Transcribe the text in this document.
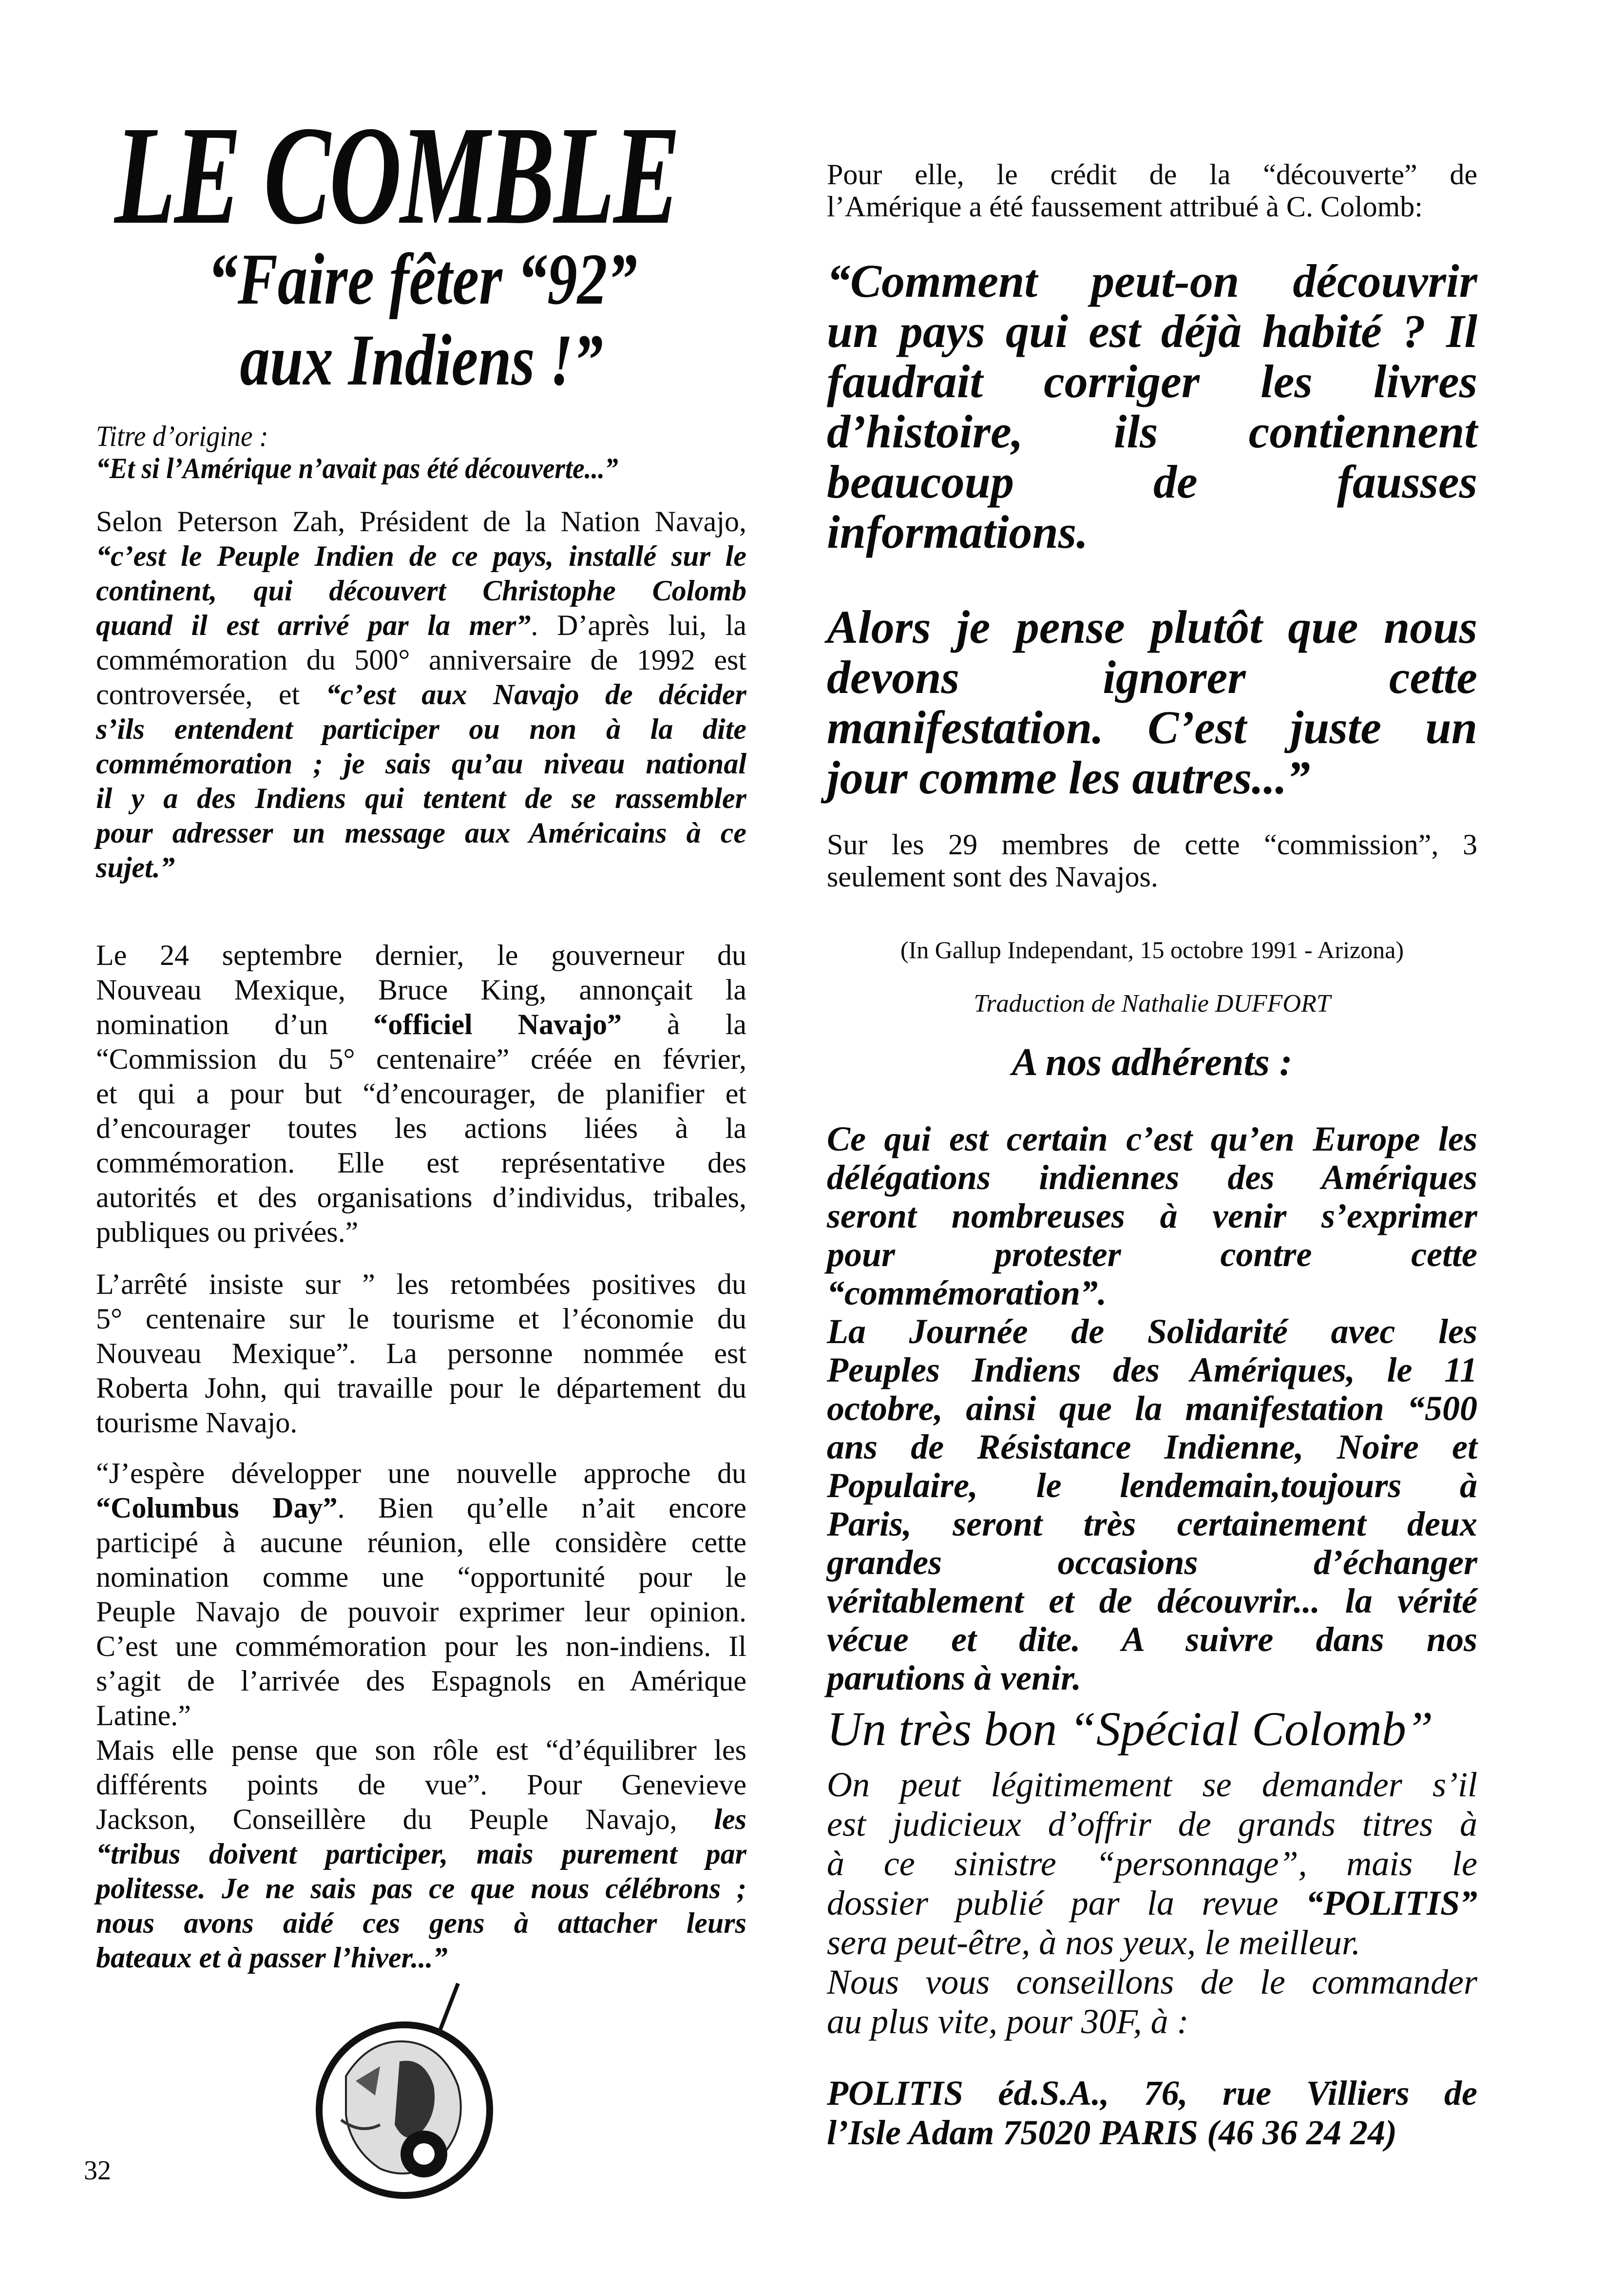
LE COMBLE
“Faire fêter “92”
aux Indiens !”
Titre d’origine :
“Et si l’Amérique n’avait pas été découverte...”
Selon Peterson Zah, Président de la Nation Navajo,
“c’est le Peuple Indien de ce pays, installé sur le
continent, qui découvert Christophe Colomb
quand il est arrivé par la mer”. D’après lui, la
commémoration du 500° anniversaire de 1992 est
controversée, et “c’est aux Navajo de décider
s’ils entendent participer ou non à la dite
commémoration ; je sais qu’au niveau national
il y a des Indiens qui tentent de se rassembler
pour adresser un message aux Américains à ce
sujet.”
Le 24 septembre dernier, le gouverneur du
Nouveau Mexique, Bruce King, annonçait la
nomination d’un “officiel Navajo” à la
“Commission du 5° centenaire” créée en février,
et qui a pour but “d’encourager, de planifier et
d’encourager toutes les actions liées à la
commémoration. Elle est représentative des
autorités et des organisations d’individus, tribales,
publiques ou privées.”
L’arrêté insiste sur ” les retombées positives du
5° centenaire sur le tourisme et l’économie du
Nouveau Mexique”. La personne nommée est
Roberta John, qui travaille pour le département du
tourisme Navajo.
“J’espère développer une nouvelle approche du
“Columbus Day”. Bien qu’elle n’ait encore
participé à aucune réunion, elle considère cette
nomination comme une “opportunité pour le
Peuple Navajo de pouvoir exprimer leur opinion.
C’est une commémoration pour les non-indiens. Il
s’agit de l’arrivée des Espagnols en Amérique
Latine.”
Mais elle pense que son rôle est “d’équilibrer les
différents points de vue”. Pour Genevieve
Jackson, Conseillère du Peuple Navajo, les
“tribus doivent participer, mais purement par
politesse. Je ne sais pas ce que nous célébrons ;
nous avons aidé ces gens à attacher leurs
bateaux et à passer l’hiver...”
32
Pour elle, le crédit de la “découverte” de
l’Amérique a été faussement attribué à C. Colomb:
“Comment peut-on découvrir
un pays qui est déjà habité ? Il
faudrait corriger les livres
d’histoire, ils contiennent
beaucoup de fausses
informations.
Alors je pense plutôt que nous
devons ignorer cette
manifestation. C’est juste un
jour comme les autres...”
Sur les 29 membres de cette “commission”, 3
seulement sont des Navajos.
(In Gallup Independant, 15 octobre 1991 - Arizona)
Traduction de Nathalie DUFFORT
A nos adhérents :
Ce qui est certain c’est qu’en Europe les
délégations indiennes des Amériques
seront nombreuses à venir s’exprimer
pour protester contre cette
“commémoration”.
La Journée de Solidarité avec les
Peuples Indiens des Amériques, le 11
octobre, ainsi que la manifestation “500
ans de Résistance Indienne, Noire et
Populaire, le lendemain,toujours à
Paris, seront très certainement deux
grandes occasions d’échanger
véritablement et de découvrir... la vérité
vécue et dite. A suivre dans nos
parutions à venir.
Un très bon “Spécial Colomb”
On peut légitimement se demander s’il
est judicieux d’offrir de grands titres à
à ce sinistre “personnage”, mais le
dossier publié par la revue “POLITIS”
sera peut-être, à nos yeux, le meilleur.
Nous vous conseillons de le commander
au plus vite, pour 30F, à :
POLITIS éd.S.A., 76, rue Villiers de
l’Isle Adam 75020 PARIS (46 36 24 24)
